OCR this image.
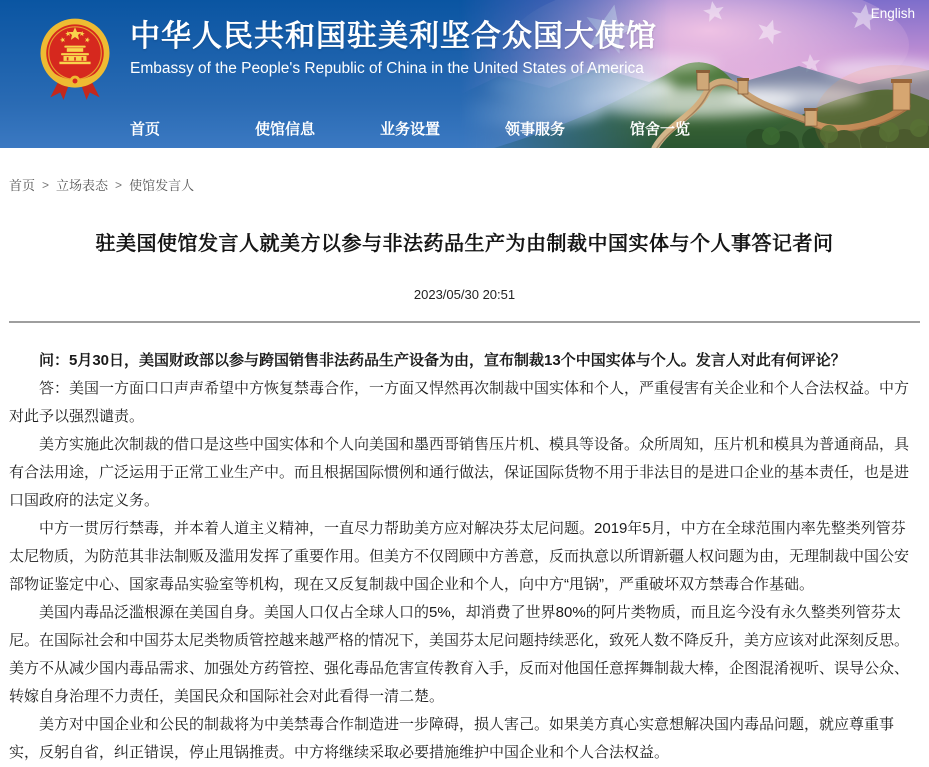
English
中华人民共和国驻美利坚合众国大使馆
Embassy of the People's Republic of China in the United States of America
首页	使馆信息	业务设置	领事服务	馆舍一览
首页 > 立场表态 > 使馆发言人
驻美国使馆发言人就美方以参与非法药品生产为由制裁中国实体与个人事答记者问
2023/05/30 20:51

问：5月30日，美国财政部以参与跨国销售非法药品生产设备为由，宣布制裁13个中国实体与个人。发言人对此有何评论？

答：美国一方面口口声声希望中方恢复禁毒合作，一方面又悍然再次制裁中国实体和个人，严重侵害有关企业和个人合法权益。中方对此予以强烈谴责。

美方实施此次制裁的借口是这些中国实体和个人向美国和墨西哥销售压片机、模具等设备。众所周知，压片机和模具为普通商品，具有合法用途，广泛运用于正常工业生产中。而且根据国际惯例和通行做法，保证国际货物不用于非法目的是进口企业的基本责任，也是进口国政府的法定义务。

中方一贯厉行禁毒，并本着人道主义精神，一直尽力帮助美方应对解决芬太尼问题。2019年5月，中方在全球范围内率先整类列管芬太尼物质，为防范其非法制贩及滥用发挥了重要作用。但美方不仅罔顾中方善意，反而执意以所谓新疆人权问题为由，无理制裁中国公安部物证鉴定中心、国家毒品实验室等机构，现在又反复制裁中国企业和个人，向中方“甩锅”，严重破坏双方禁毒合作基础。

美国内毒品泛滥根源在美国自身。美国人口仅占全球人口的5%，却消费了世界80%的阿片类物质，而且迄今没有永久整类列管芬太尼。在国际社会和中国芬太尼类物质管控越来越严格的情况下，美国芬太尼问题持续恶化，致死人数不降反升，美方应该对此深刻反思。美方不从减少国内毒品需求、加强处方药管控、强化毒品危害宣传教育入手，反而对他国任意挥舞制裁大棒，企图混淆视听、误导公众、转嫁自身治理不力责任，美国民众和国际社会对此看得一清二楚。

美方对中国企业和公民的制裁将为中美禁毒合作制造进一步障碍，损人害己。如果美方真心实意想解决国内毒品问题，就应尊重事实，反躬自省，纠正错误，停止甩锅推责。中方将继续采取必要措施维护中国企业和个人合法权益。
